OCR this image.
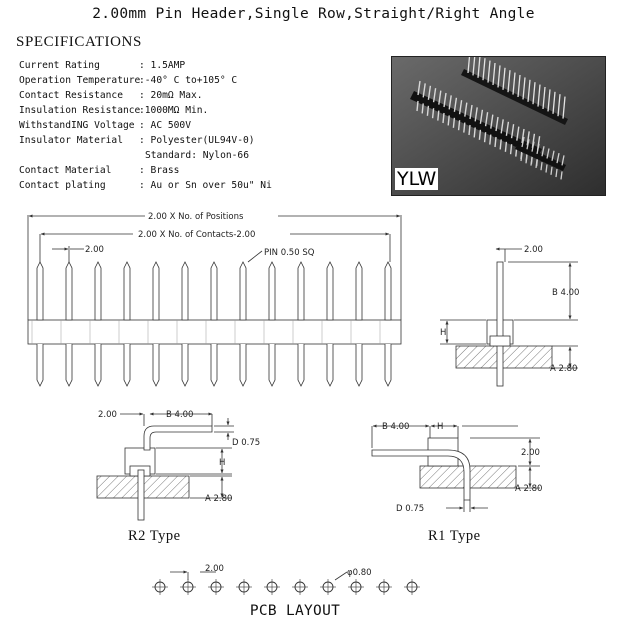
2.00mm Pin Header,Single Row,Straight/Right Angle
SPECIFICATIONS
Current Rating	: 1.5AMP
Operation Temperature
:-40° C to+105° C
Contact Resistance : 20mΩ Max.
Insulation Resistance
:1000MΩ Min.
WithstandING Voltage : AC 500V
Insulator Material : Polyester(UL94V-0)
Standard: Nylon-66
Contact Material	: Brass
Contact plating	: Au or Sn over 50u" Ni	YLW
2.00 X No. of Positions
2.00 X No. of Contacts-2.00
2.00	PIN 0.50 SQ	2.00
B 4.00
H
A 2.80
2.00	B 4.00
D 0.75
H
A 2.80
B 4.00	H
2.00
A 2.80
D 0.75
2.00	φ0.80
R2 Type	R1 Type
PCB LAYOUT
